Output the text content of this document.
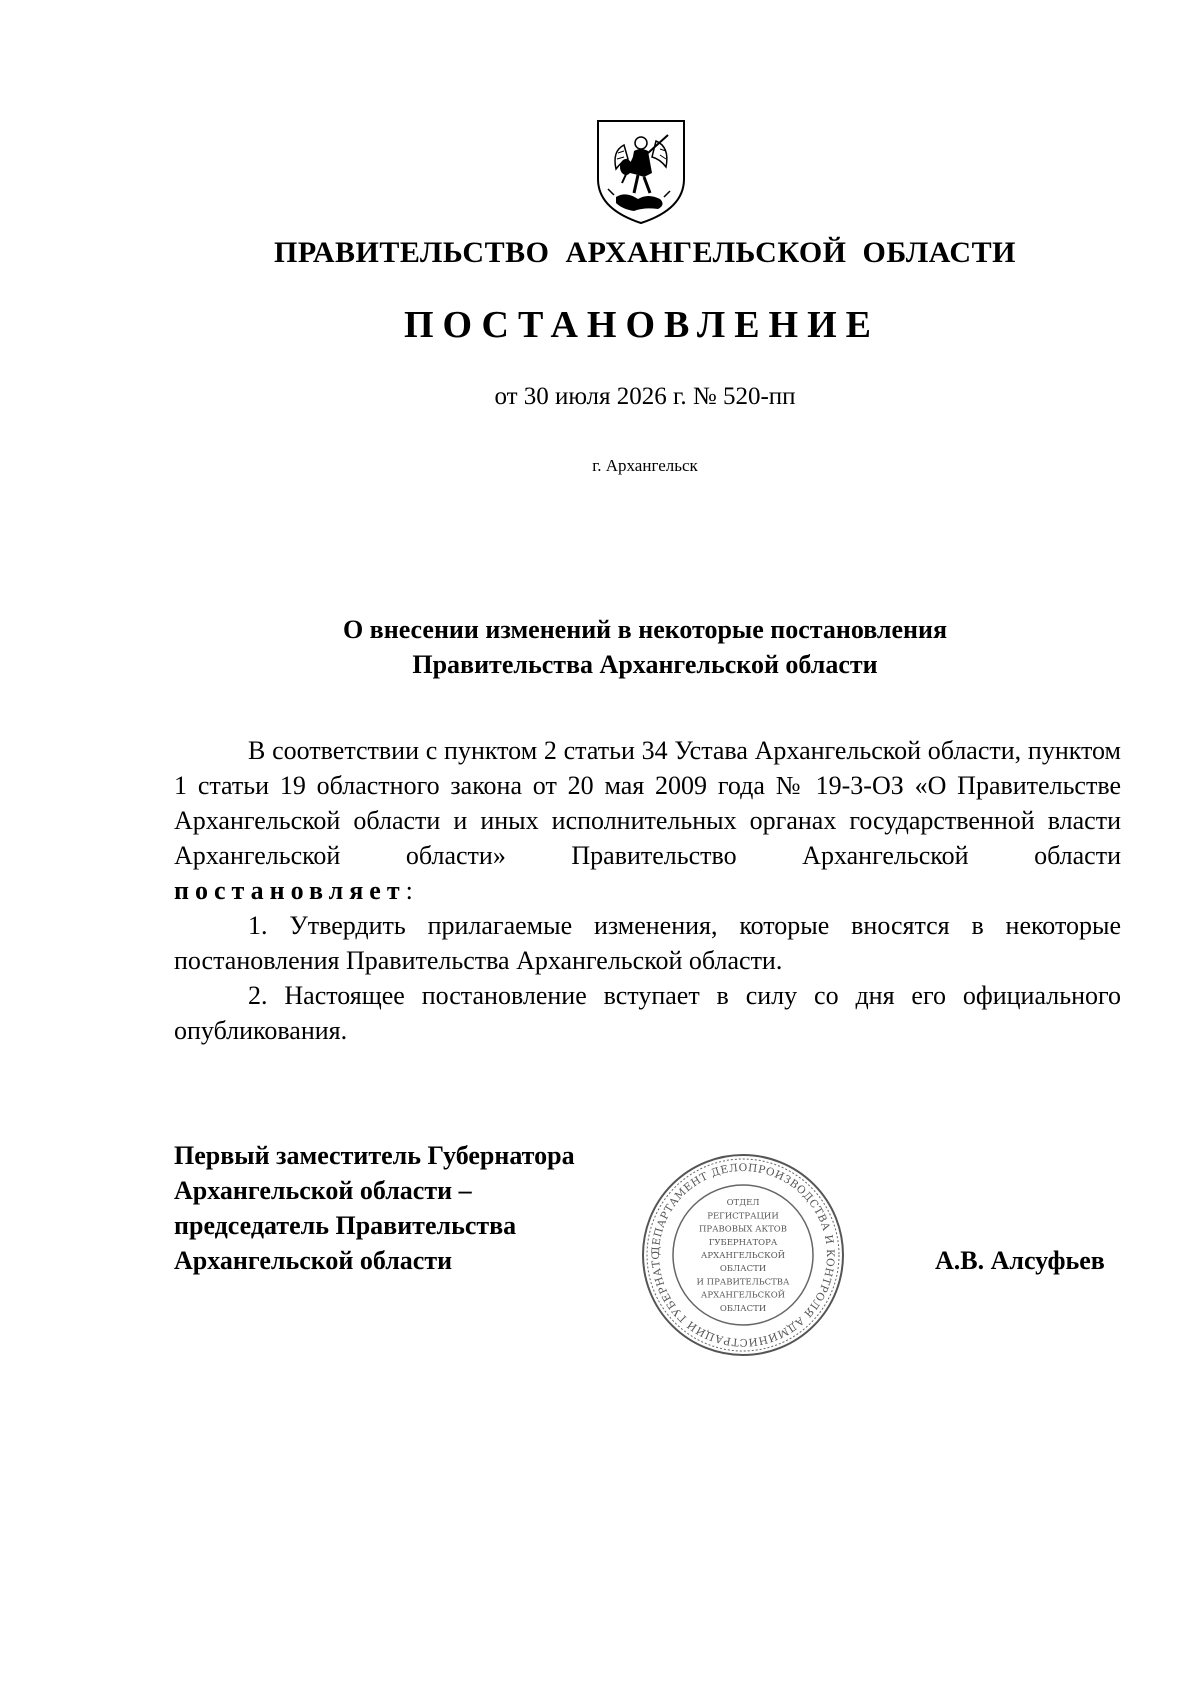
ПРАВИТЕЛЬСТВО  АРХАНГЕЛЬСКОЙ  ОБЛАСТИ
ПОСТАНОВЛЕНИЕ
от 30 июля 2026 г. № 520-пп
г. Архангельск
О внесении изменений в некоторые постановления
Правительства Архангельской области

В соответствии с пунктом 2 статьи 34 Устава Архангельской области, пунктом 1 статьи 19 областного закона от 20 мая 2009 года № 19-3-ОЗ «О Правительстве Архангельской области и иных исполнительных органах государственной власти Архангельской области» Правительство Архангельской области постановляет:

1. Утвердить прилагаемые изменения, которые вносятся в некоторые постановления Правительства Архангельской области.

2. Настоящее постановление вступает в силу со дня его официального опубликования.

Первый заместитель Губернатора
Архангельской области –
председатель Правительства
Архангельской области	ДЕПАРТАМЕНТ ДЕЛОПРОИЗВОДСТВА И КОНТРОЛЯ АДМИНИСТРАЦИИ ГУБЕРНАТО
ОТДЕЛ
РЕГИСТРАЦИИ
ПРАВОВЫХ АКТОВ
ГУБЕРНАТОРА
АРХАНГЕЛЬСКОЙ
ОБЛАСТИ
И ПРАВИТЕЛЬСТВА
АРХАНГЕЛЬСКОЙ
ОБЛАСТИ
А.В. Алсуфьев
